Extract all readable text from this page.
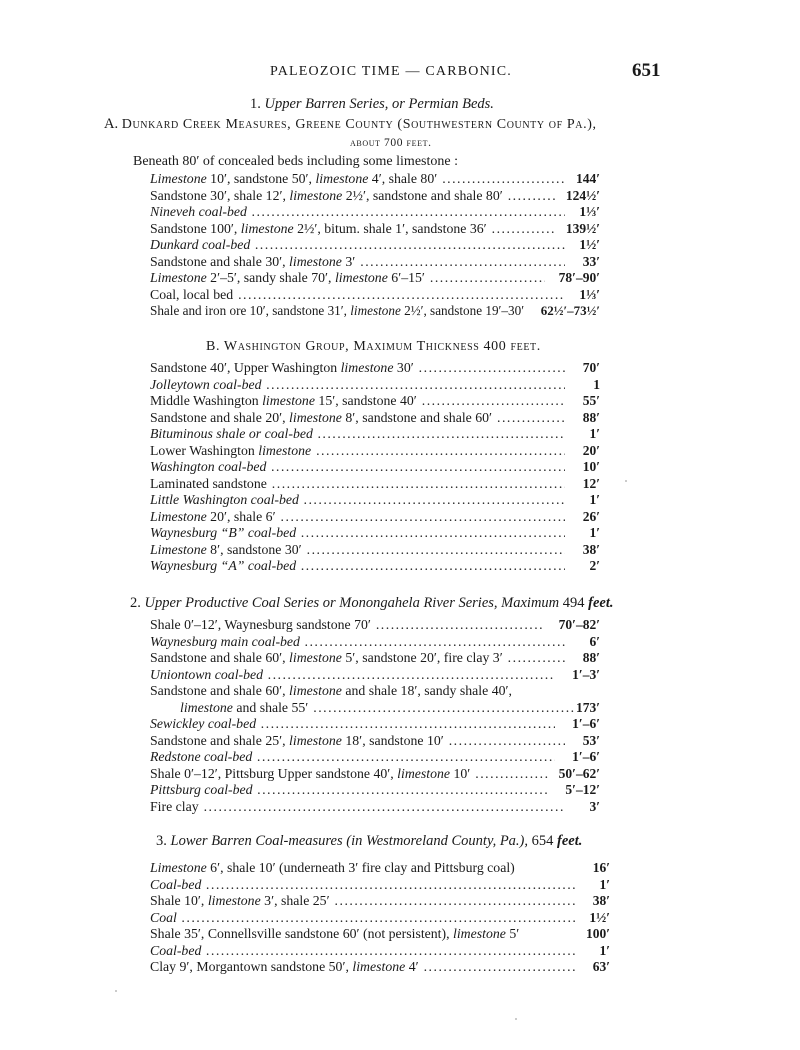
PALEOZOIC TIME — CARBONIC.	651
1. Upper Barren Series, or Permian Beds.
A. Dunkard Creek Measures, Greene County (Southwestern County of Pa.),
about 700 feet.
Beneath 80′ of concealed beds including some limestone :
Limestone 10′, sandstone 50′, limestone 4′, shale 80′ .....	144′
Sandstone 30′, shale 12′, limestone 2½′, sandstone and shale 80′ .....	124½′
Nineveh coal-bed .....	1⅓′
Sandstone 100′, limestone 2½′, bitum. shale 1′, sandstone 36′ .....	139½′
Dunkard coal-bed .....	1½′
Sandstone and shale 30′, limestone 3′ .....	33′
Limestone 2′–5′, sandy shale 70′, limestone 6′–15′ .....	78′–90′
Coal, local bed .....	1⅓′
Shale and iron ore 10′, sandstone 31′, limestone 2½′, sandstone 19′–30′	62½′–73½′
B. Washington Group, Maximum Thickness 400 feet.
Sandstone 40′, Upper Washington limestone 30′ .....	70′
Jolleytown coal-bed .....	1
Middle Washington limestone 15′, sandstone 40′ .....	55′
Sandstone and shale 20′, limestone 8′, sandstone and shale 60′ .....	88′
Bituminous shale or coal-bed .....	1′
Lower Washington limestone .....	20′
Washington coal-bed .....	10′
Laminated sandstone .....	12′
Little Washington coal-bed .....	1′
Limestone 20′, shale 6′ .....	26′
Waynesburg “B” coal-bed .....	1′
Limestone 8′, sandstone 30′ .....	38′
Waynesburg “A” coal-bed .....	2′
2. Upper Productive Coal Series or Monongahela River Series, Maximum 494 feet.
Shale 0′–12′, Waynesburg sandstone 70′ .....	70′–82′
Waynesburg main coal-bed .....	6′
Sandstone and shale 60′, limestone 5′, sandstone 20′, fire clay 3′ .....	88′
Uniontown coal-bed .....	1′–3′
Sandstone and shale 60′, limestone and shale 18′, sandy shale 40′,
limestone and shale 55′ .....	173′
Sewickley coal-bed .....	1′–6′
Sandstone and shale 25′, limestone 18′, sandstone 10′ .....	53′
Redstone coal-bed .....	1′–6′
Shale 0′–12′, Pittsburg Upper sandstone 40′, limestone 10′ .....	50′–62′
Pittsburg coal-bed .....	5′–12′
Fire clay .....	3′
3. Lower Barren Coal-measures (in Westmoreland County, Pa.), 654 feet.
Limestone 6′, shale 10′ (underneath 3′ fire clay and Pittsburg coal)	16′
Coal-bed .....	1′
Shale 10′, limestone 3′, shale 25′ .....	38′
Coal .....	1½′
Shale 35′, Connellsville sandstone 60′ (not persistent), limestone 5′	100′
Coal-bed .....	1′
Clay 9′, Morgantown sandstone 50′, limestone 4′ .....	63′
